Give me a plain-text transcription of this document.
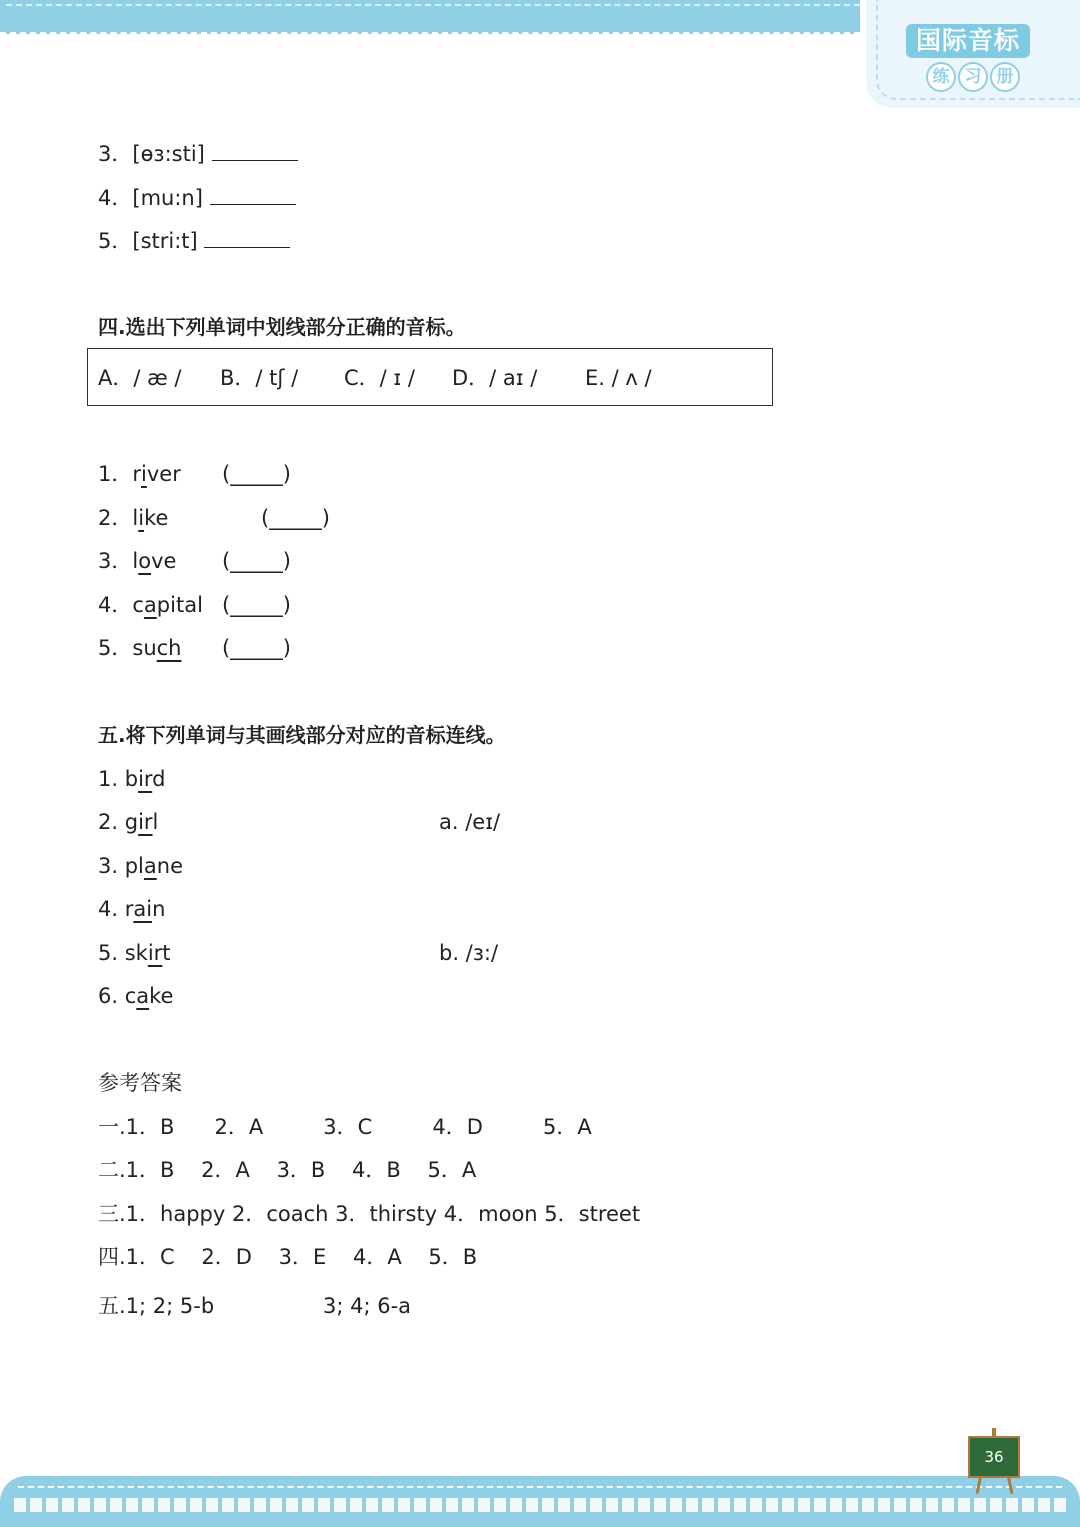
国际音标
练 习 册
3．[ɵɜ:sti]
4．[mu:n]
5．[stri:t]
四.选出下列单词中划线部分正确的音标。
A．/ æ / B．/ tʃ / C．/ ɪ / D．/ aɪ / E. / ʌ /
1．river (_____)
2．like	(_____)
3．love (_____)
4．capital (_____)
5．such (_____)
五.将下列单词与其画线部分对应的音标连线。
1. bird
2. girl
3. plane
4. rain
5. skirt
6. cake
a. /eɪ/
b. /ɜ:/
参考答案
一.1．B      2．A         3．C         4．D         5．A
二.1．B    2．A    3．B    4．B    5．A
三.1．happy 2．coach 3．thirsty 4．moon 5．street
四.1．C    2．D    3．E    4．A    5．B
五.1; 2; 5-b	3; 4; 6-a
36
